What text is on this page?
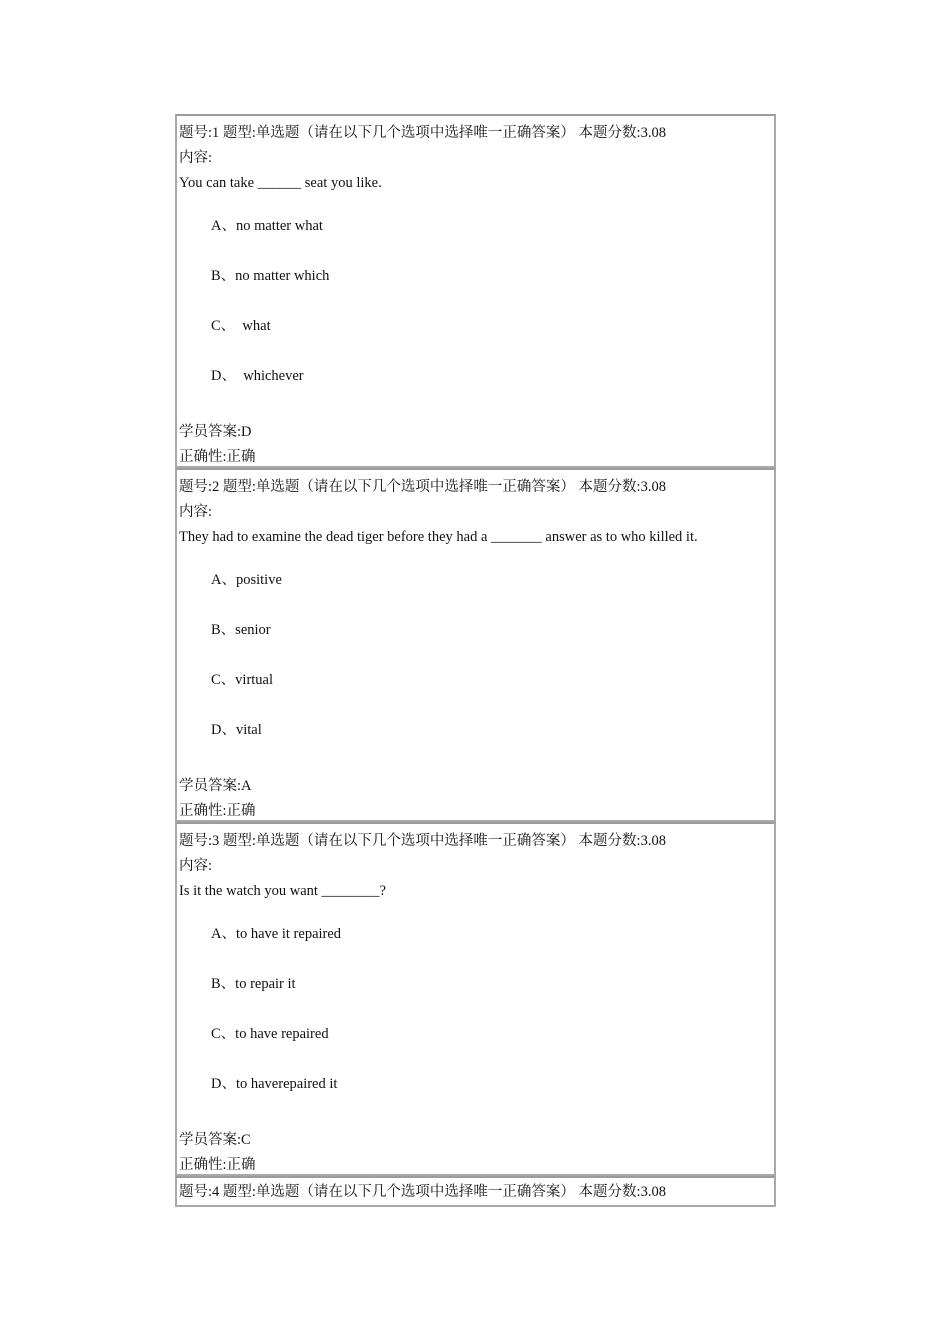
题号:1 题型:单选题（请在以下几个选项中选择唯一正确答案） 本题分数:3.08
内容:
You can take ______ seat you like.
A、no matter what
B、no matter which
C、  what
D、  whichever
学员答案:D
正确性:正确
题号:2 题型:单选题（请在以下几个选项中选择唯一正确答案） 本题分数:3.08
内容:
They had to examine the dead tiger before they had a _______ answer as to who killed it.
A、positive
B、senior
C、virtual
D、vital
学员答案:A
正确性:正确
题号:3 题型:单选题（请在以下几个选项中选择唯一正确答案） 本题分数:3.08
内容:
Is it the watch you want ________?
A、to have it repaired
B、to repair it
C、to have repaired
D、to haverepaired it
学员答案:C
正确性:正确
题号:4 题型:单选题（请在以下几个选项中选择唯一正确答案） 本题分数:3.08
